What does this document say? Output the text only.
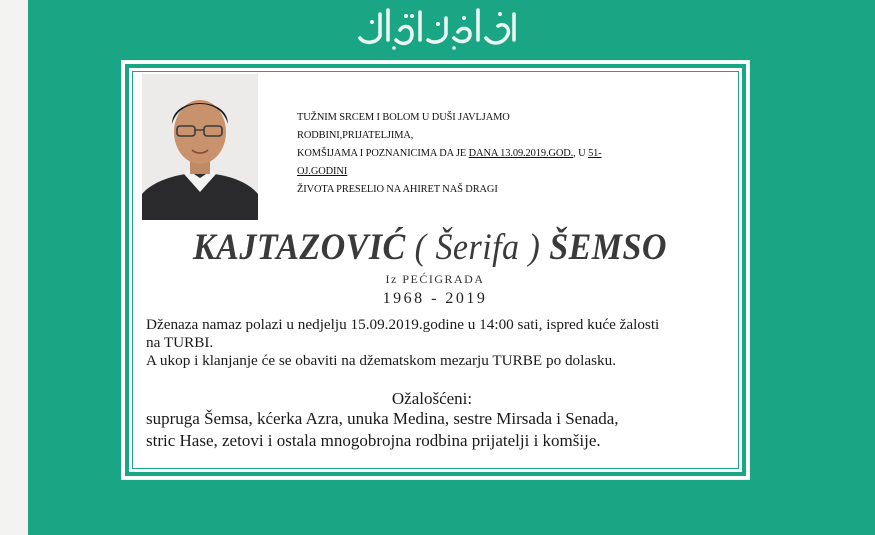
TUŽNIM SRCEM I BOLOM U DUŠI JAVLJAMO RODBINI,PRIJATELJIMA,
KOMŠIJAMA I POZNANICIMA DA JE DANA 13.09.2019.GOD., U 51-OJ.GODINI
ŽIVOTA PRESELIO NA AHIRET NAŠ DRAGI
KAJTAZOVIĆ ( Šerifa ) ŠEMSO
Iz PEĆIGRADA
1968 - 2019

Dženaza namaz polazi u nedjelju 15.09.2019.godine u 14:00 sati, ispred kuće žalosti

na TURBI.

A ukop i klanjanje će se obaviti na džematskom mezarju TURBE po dolasku.

Ožalošćeni:
supruga Šemsa, kćerka Azra, unuka Medina, sestre Mirsada i Senada,
stric Hase, zetovi i ostala mnogobrojna rodbina prijatelji i komšije.
